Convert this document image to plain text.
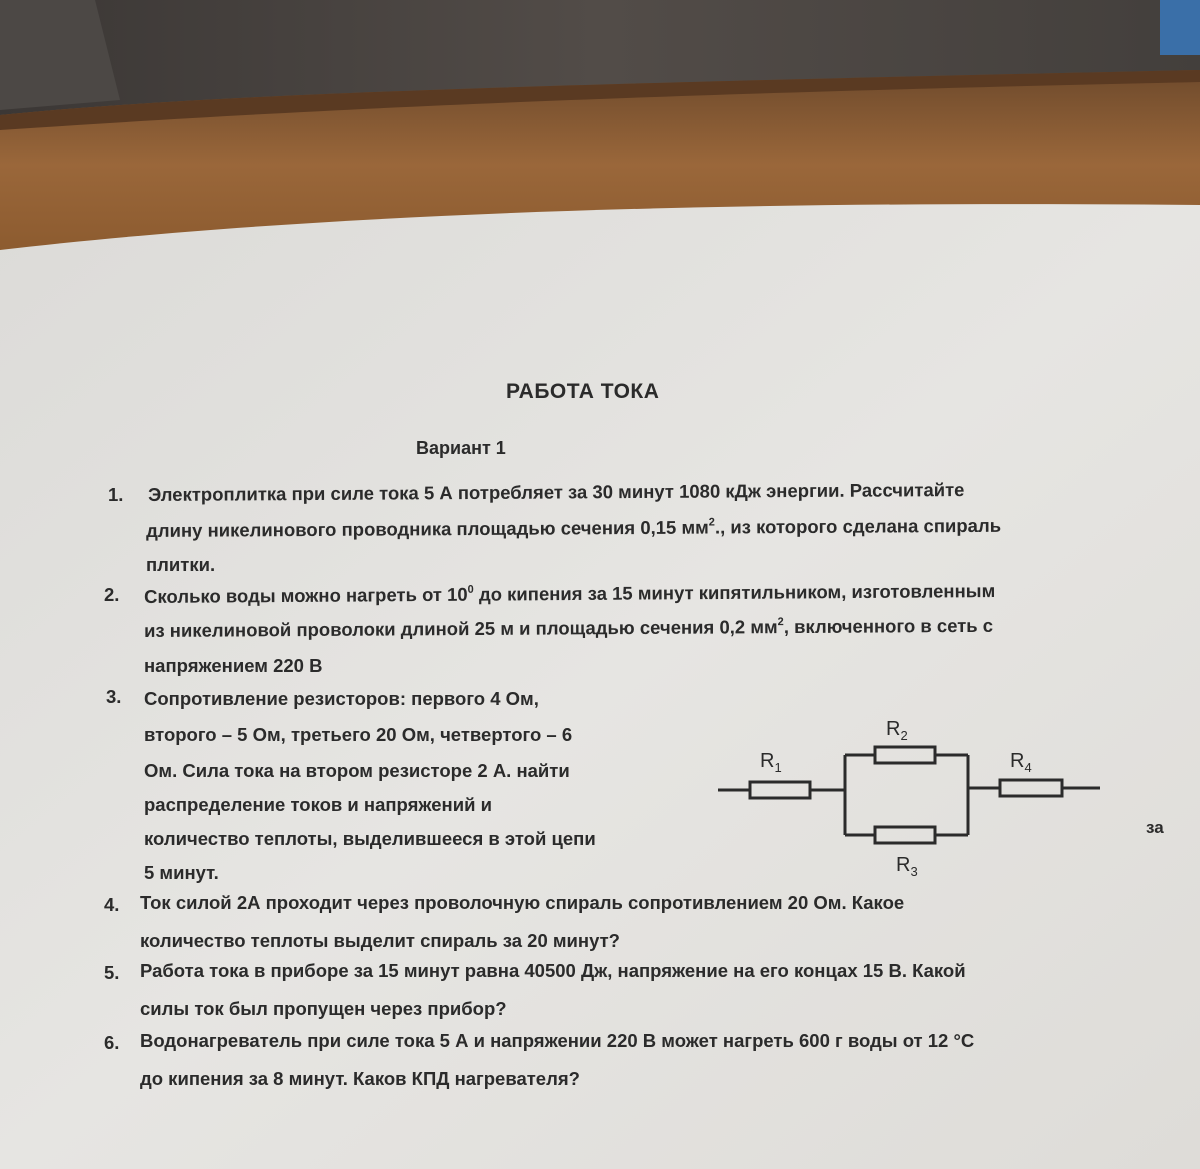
РАБОТА ТОКА
Вариант 1
1. Электроплитка при силе тока 5 А потребляет за 30 минут 1080 кДж энергии. Рассчитайте
длину никелинового проводника площадью сечения 0,15 $мм^2$., из которого сделана спираль
плитки.
2. Сколько воды можно нагреть от $10^0$ до кипения за 15 минут кипятильником, изготовленным
из никелиновой проволоки длиной 25 м и площадью сечения 0,2 $мм^2$, включенного в сеть с
напряжением 220 В
3. Сопротивление резисторов: первого 4 Ом,
второго – 5 Ом, третьего 20 Ом, четвертого – 6
Ом. Сила тока на втором резисторе 2 А. найти
распределение токов и напряжений и
количество теплоты, выделившееся в этой цепи
5 минут.
за
$R_1$
$R_2$
$R_3$
$R_4$
4. Ток силой 2А проходит через проволочную спираль сопротивлением 20 Ом. Какое
количество теплоты выделит спираль за 20 минут?
5. Работа тока в приборе за 15 минут равна 40500 Дж, напряжение на его концах 15 В. Какой
силы ток был пропущен через прибор?
6. Водонагреватель при силе тока 5 А и напряжении 220 В может нагреть 600 г воды от 12 °С
до кипения за 8 минут. Каков КПД нагревателя?
